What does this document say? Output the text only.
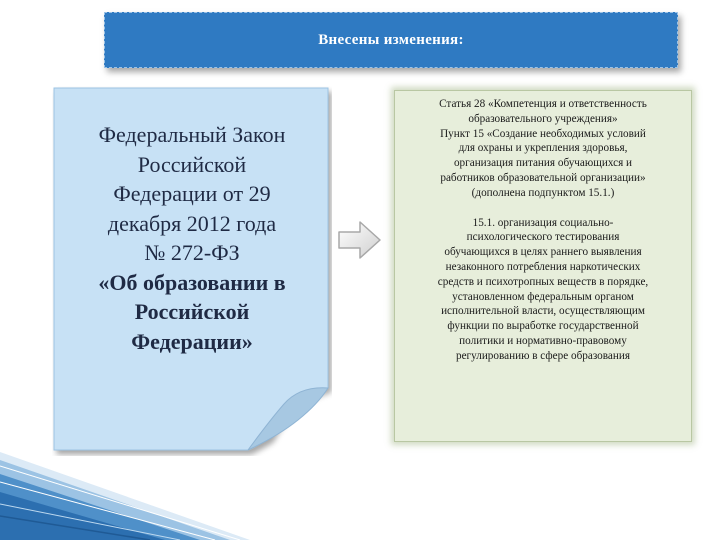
Внесены изменения:
Федеральный Закон
Российской
Федерации от 29
декабря 2012 года
№ 272-ФЗ
«Об образовании в
Российской
Федерации»
Статья 28 «Компетенция и ответственность
образовательного учреждения»
Пункт 15 «Создание необходимых условий
для охраны и укрепления здоровья,
организация питания обучающихся и
работников образовательной организации»
(дополнена подпунктом 15.1.)
15.1. организация социально-
психологического тестирования
обучающихся в целях раннего выявления
незаконного потребления наркотических
средств и психотропных веществ в порядке,
установленном федеральным органом
исполнительной власти, осуществляющим
функции по выработке государственной
политики и нормативно-правовому
регулированию в сфере образования
